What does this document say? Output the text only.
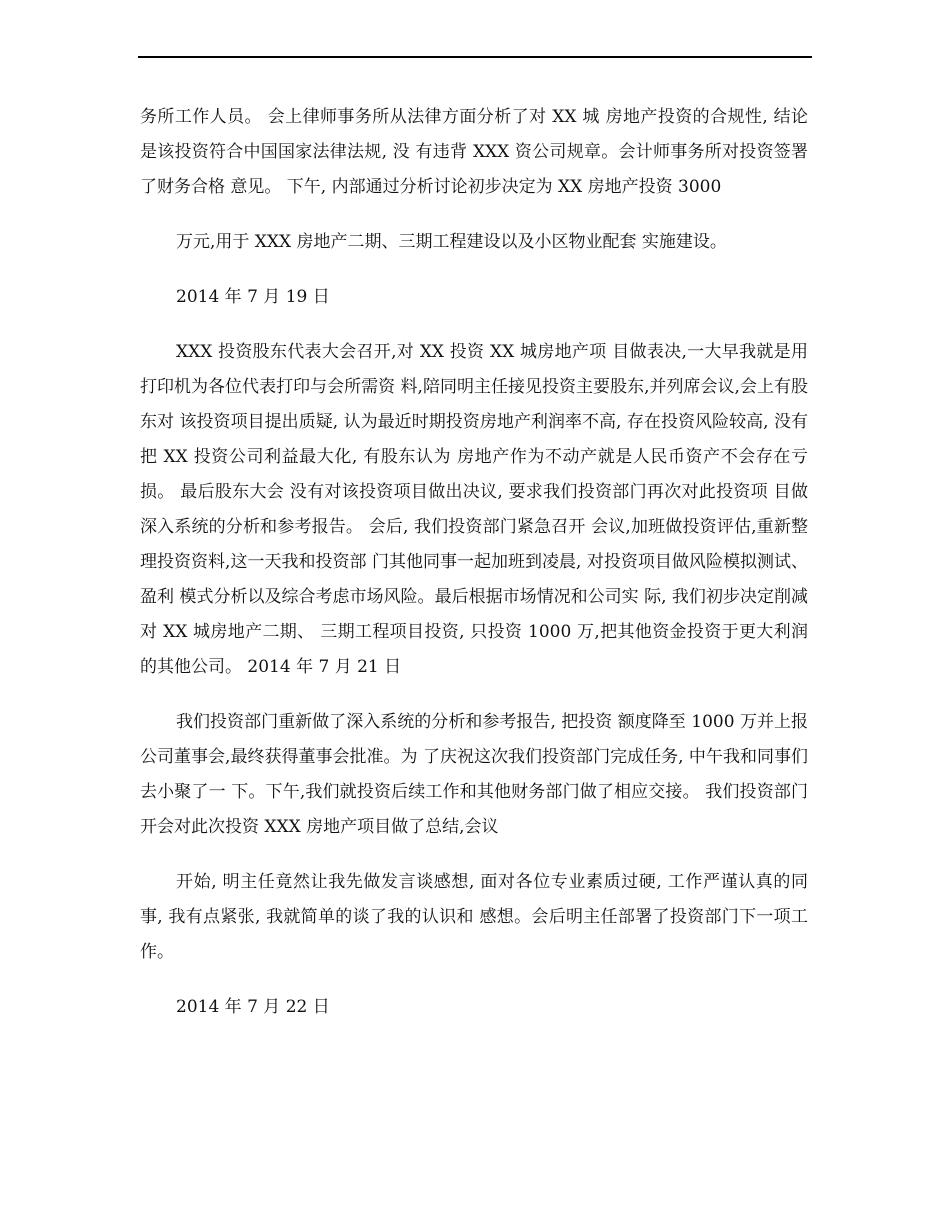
务所工作人员。 会上律师事务所从法律方面分析了对 XX 城 房地产投资的合规性, 结论是该投资符合中国国家法律法规, 没 有违背 XXX 资公司规章。会计师事务所对投资签署了财务合格 意见。 下午, 内部通过分析讨论初步决定为 XX 房地产投资 3000

万元,用于 XXX 房地产二期、三期工程建设以及小区物业配套 实施建设。

2014 年 7 月 19 日

XXX 投资股东代表大会召开,对 XX 投资 XX 城房地产项 目做表决,一大早我就是用打印机为各位代表打印与会所需资 料,陪同明主任接见投资主要股东,并列席会议,会上有股东对 该投资项目提出质疑, 认为最近时期投资房地产利润率不高, 存在投资风险较高, 没有把 XX 投资公司利益最大化, 有股东认为 房地产作为不动产就是人民币资产不会存在亏损。 最后股东大会 没有对该投资项目做出决议, 要求我们投资部门再次对此投资项 目做深入系统的分析和参考报告。 会后, 我们投资部门紧急召开 会议,加班做投资评估,重新整理投资资料,这一天我和投资部 门其他同事一起加班到凌晨, 对投资项目做风险模拟测试、 盈利 模式分析以及综合考虑市场风险。最后根据市场情况和公司实 际, 我们初步决定削减对 XX 城房地产二期、 三期工程项目投资, 只投资 1000 万,把其他资金投资于更大利润的其他公司。 2014 年 7 月 21 日

我们投资部门重新做了深入系统的分析和参考报告, 把投资 额度降至 1000 万并上报公司董事会,最终获得董事会批准。为 了庆祝这次我们投资部门完成任务, 中午我和同事们去小聚了一 下。下午,我们就投资后续工作和其他财务部门做了相应交接。 我们投资部门开会对此次投资 XXX 房地产项目做了总结,会议

开始, 明主任竟然让我先做发言谈感想, 面对各位专业素质过硬, 工作严谨认真的同事, 我有点紧张, 我就简单的谈了我的认识和 感想。会后明主任部署了投资部门下一项工作。

2014 年 7 月 22 日
